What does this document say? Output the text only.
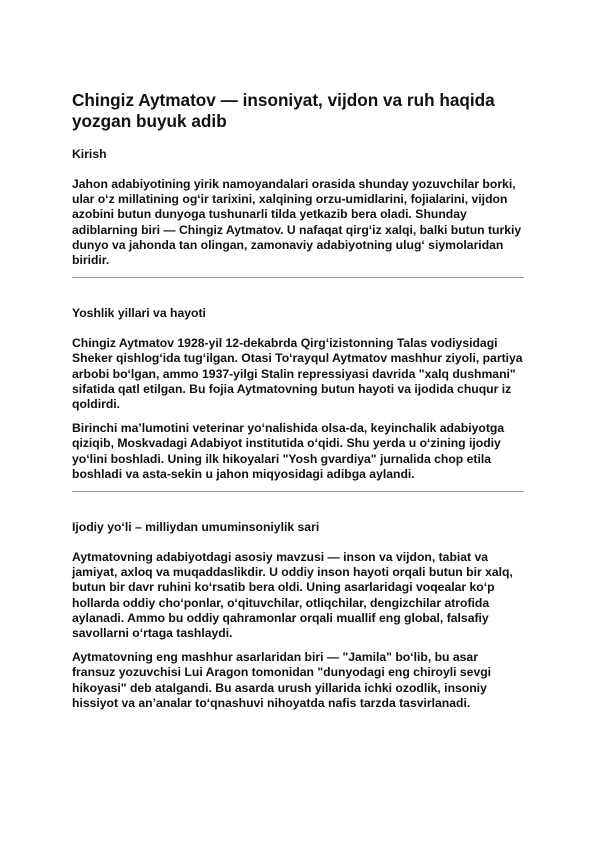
Chingiz Aytmatov — insoniyat, vijdon va ruh haqida yozgan buyuk adib
Kirish

Jahon adabiyotining yirik namoyandalari orasida shunday yozuvchilar borki, ular o‘z millatining og‘ir tarixini, xalqining orzu-umidlarini, fojialarini, vijdon azobini butun dunyoga tushunarli tilda yetkazib bera oladi. Shunday adiblarning biri — Chingiz Aytmatov. U nafaqat qirg‘iz xalqi, balki butun turkiy dunyo va jahonda tan olingan, zamonaviy adabiyotning ulug‘ siymolaridan biridir.

Yoshlik yillari va hayoti

Chingiz Aytmatov 1928-yil 12-dekabrda Qirg‘izistonning Talas vodiysidagi Sheker qishlog‘ida tug‘ilgan. Otasi To‘rayqul Aytmatov mashhur ziyoli, partiya arbobi bo‘lgan, ammo 1937-yilgi Stalin repressiyasi davrida "xalq dushmani" sifatida qatl etilgan. Bu fojia Aytmatovning butun hayoti va ijodida chuqur iz qoldirdi.

Birinchi ma’lumotini veterinar yo‘nalishida olsa-da, keyinchalik adabiyotga qiziqib, Moskvadagi Adabiyot institutida o‘qidi. Shu yerda u o‘zining ijodiy yo‘lini boshladi. Uning ilk hikoyalari "Yosh gvardiya" jurnalida chop etila boshladi va asta-sekin u jahon miqyosidagi adibga aylandi.

Ijodiy yo‘li – milliydan umuminsoniylik sari

Aytmatovning adabiyotdagi asosiy mavzusi — inson va vijdon, tabiat va jamiyat, axloq va muqaddaslikdir. U oddiy inson hayoti orqali butun bir xalq, butun bir davr ruhini ko‘rsatib bera oldi. Uning asarlaridagi voqealar ko‘p hollarda oddiy cho‘ponlar, o‘qituvchilar, otliqchilar, dengizchilar atrofida aylanadi. Ammo bu oddiy qahramonlar orqali muallif eng global, falsafiy savollarni o‘rtaga tashlaydi.

Aytmatovning eng mashhur asarlaridan biri — "Jamila" bo‘lib, bu asar fransuz yozuvchisi Lui Aragon tomonidan "dunyodagi eng chiroyli sevgi hikoyasi" deb atalgandi. Bu asarda urush yillarida ichki ozodlik, insoniy hissiyot va an’analar to‘qnashuvi nihoyatda nafis tarzda tasvirlanadi.
